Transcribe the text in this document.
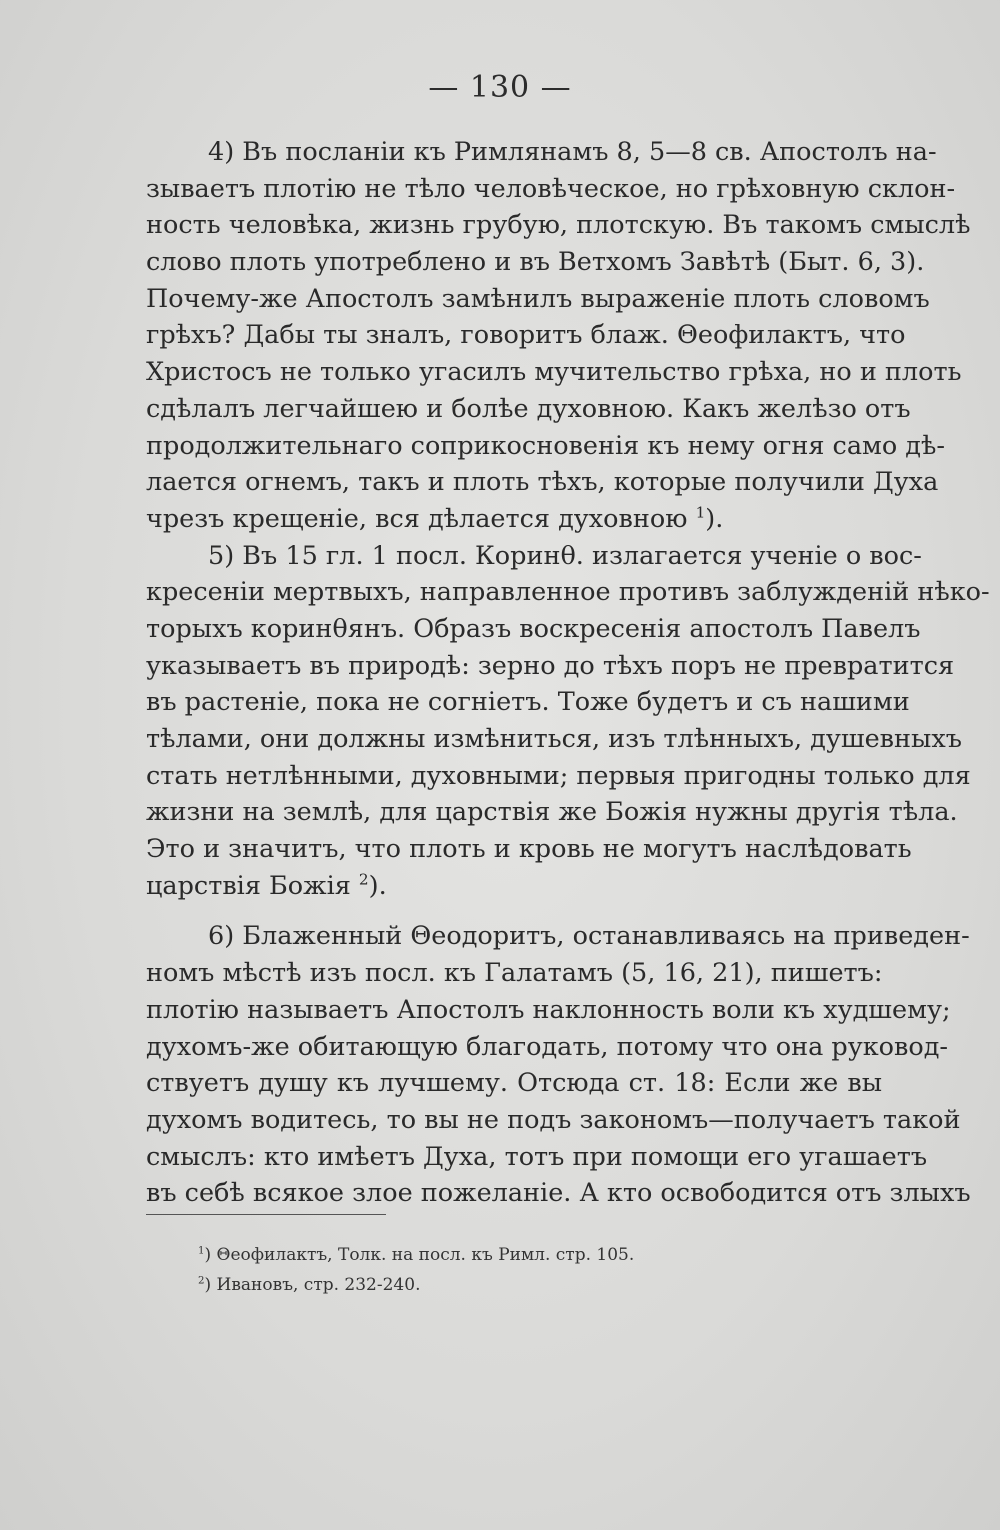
— 130 —
4) Въ посланіи къ Римлянамъ 8, 5—8 св. Апостолъ на-
зываетъ плотію не тѣло человѣческое, но грѣховную склон-
ность человѣка, жизнь грубую, плотскую. Въ такомъ смыслѣ
слово плоть употреблено и въ Ветхомъ Завѣтѣ (Быт. 6, 3).
Почему-же Апостолъ замѣнилъ выраженіе плоть словомъ
грѣхъ? Дабы ты зналъ, говоритъ блаж. Θеофилактъ, что
Христосъ не только угасилъ мучительство грѣха, но и плоть
сдѣлалъ легчайшею и болѣе духовною. Какъ желѣзо отъ
продолжительнаго соприкосновенія къ нему огня само дѣ-
лается огнемъ, такъ и плоть тѣхъ, которые получили Духа
чрезъ крещеніе, вся дѣлается духовною $^1$).
5) Въ 15 гл. 1 посл. Коринθ. излагается ученіе о вос-
кресеніи мертвыхъ, направленное противъ заблужденій нѣко-
торыхъ коринθянъ. Образъ воскресенія апостолъ Павелъ
указываетъ въ природѣ: зерно до тѣхъ поръ не превратится
въ растеніе, пока не согніетъ. Тоже будетъ и съ нашими
тѣлами, они должны измѣниться, изъ тлѣнныхъ, душевныхъ
стать нетлѣнными, духовными; первыя пригодны только для
жизни на землѣ, для царствія же Божія нужны другія тѣла.
Это и значитъ, что плоть и кровь не могутъ наслѣдовать
царствія Божія $^2$).
6) Блаженный Θеодоритъ, останавливаясь на приведен-
номъ мѣстѣ изъ посл. къ Галатамъ (5, 16, 21), пишетъ:
плотію называетъ Апостолъ наклонность воли къ худшему;
духомъ-же обитающую благодать, потому что она руковод-
ствуетъ душу къ лучшему. Отсюда ст. 18: Если же вы
духомъ водитесь, то вы не подъ закономъ—получаетъ такой
смыслъ: кто имѣетъ Духа, тотъ при помощи его угашаетъ
въ себѣ всякое злое пожеланіе. А кто освободится отъ злыхъ
$^1$) Θеофилактъ, Толк. на посл. къ Римл. стр. 105.
$^2$) Ивановъ, стр. 232-240.
